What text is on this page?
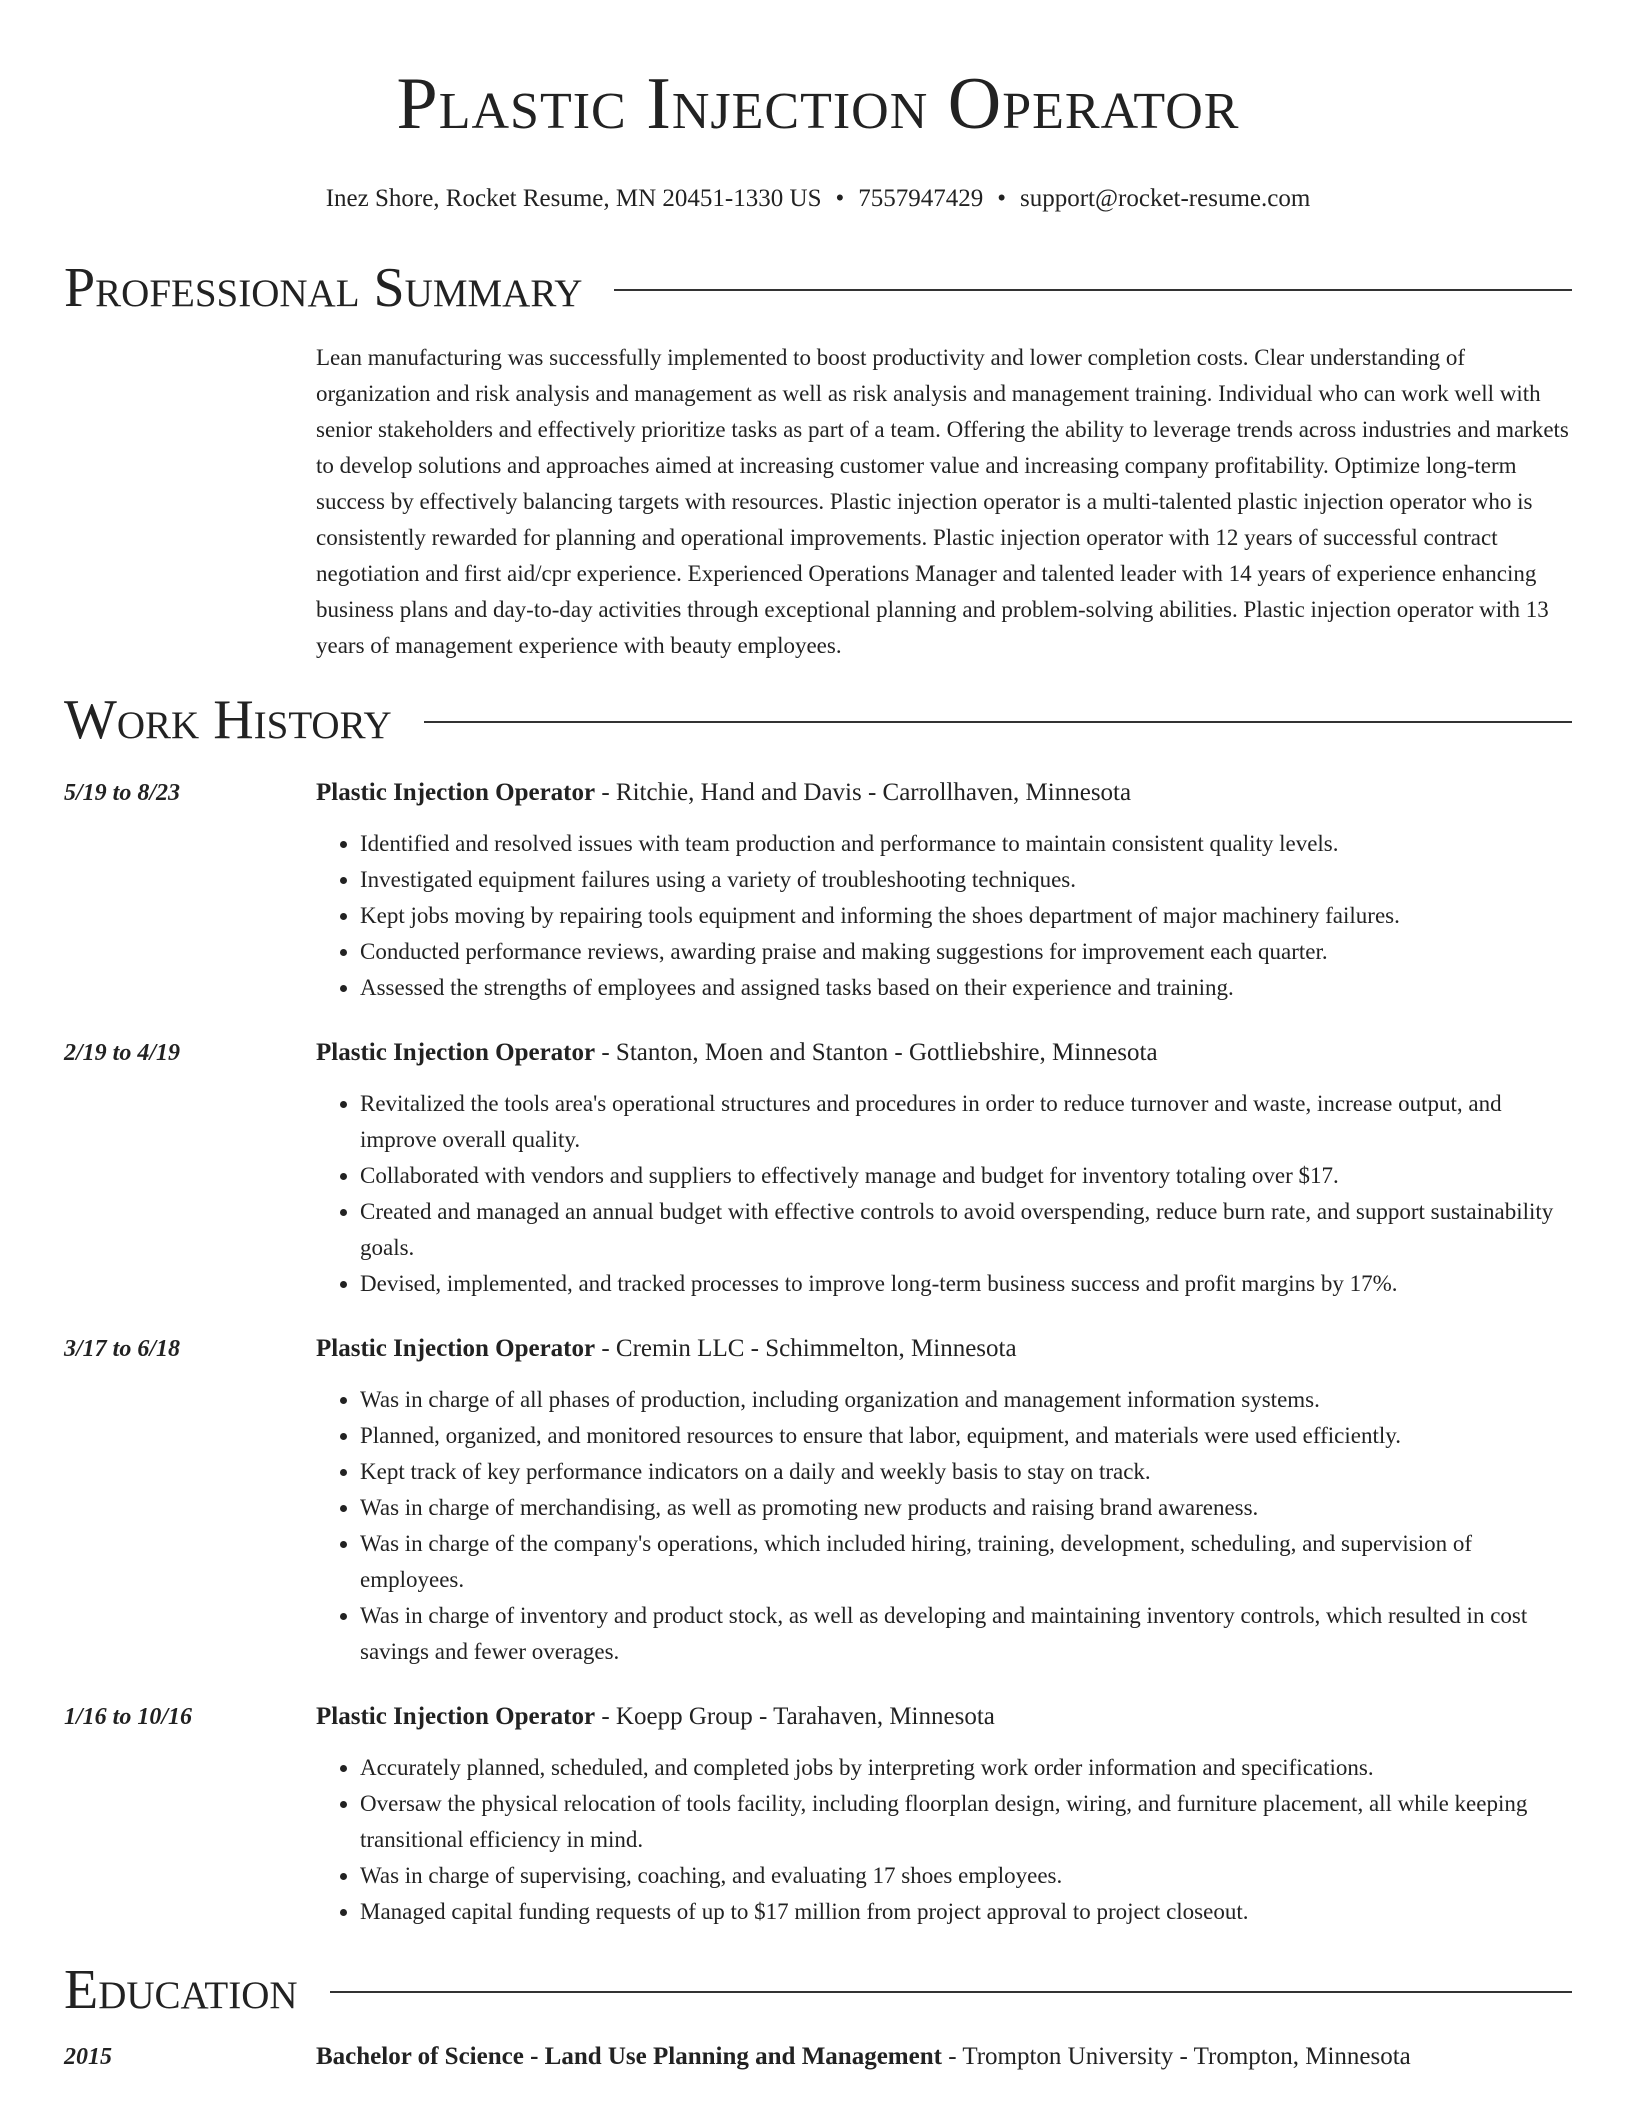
Plastic Injection Operator
Inez Shore, Rocket Resume, MN 20451-1330 US • 7557947429 • support@rocket-resume.com
Professional Summary
Lean manufacturing was successfully implemented to boost productivity and lower completion costs. Clear understanding of organization and risk analysis and management as well as risk analysis and management training. Individual who can work well with senior stakeholders and effectively prioritize tasks as part of a team. Offering the ability to leverage trends across industries and markets to develop solutions and approaches aimed at increasing customer value and increasing company profitability. Optimize long-term success by effectively balancing targets with resources. Plastic injection operator is a multi-talented plastic injection operator who is consistently rewarded for planning and operational improvements. Plastic injection operator with 12 years of successful contract negotiation and first aid/cpr experience. Experienced Operations Manager and talented leader with 14 years of experience enhancing business plans and day-to-day activities through exceptional planning and problem-solving abilities. Plastic injection operator with 13 years of management experience with beauty employees.
Work History
5/19 to 8/23	Plastic Injection Operator - Ritchie, Hand and Davis - Carrollhaven, Minnesota
• Identified and resolved issues with team production and performance to maintain consistent quality levels.
• Investigated equipment failures using a variety of troubleshooting techniques.
• Kept jobs moving by repairing tools equipment and informing the shoes department of major machinery failures.
• Conducted performance reviews, awarding praise and making suggestions for improvement each quarter.
• Assessed the strengths of employees and assigned tasks based on their experience and training.
2/19 to 4/19	Plastic Injection Operator - Stanton, Moen and Stanton - Gottliebshire, Minnesota
• Revitalized the tools area's operational structures and procedures in order to reduce turnover and waste, increase output, and improve overall quality.
• Collaborated with vendors and suppliers to effectively manage and budget for inventory totaling over $17.
• Created and managed an annual budget with effective controls to avoid overspending, reduce burn rate, and support sustainability goals.
• Devised, implemented, and tracked processes to improve long-term business success and profit margins by 17%.
3/17 to 6/18	Plastic Injection Operator - Cremin LLC - Schimmelton, Minnesota
• Was in charge of all phases of production, including organization and management information systems.
• Planned, organized, and monitored resources to ensure that labor, equipment, and materials were used efficiently.
• Kept track of key performance indicators on a daily and weekly basis to stay on track.
• Was in charge of merchandising, as well as promoting new products and raising brand awareness.
• Was in charge of the company's operations, which included hiring, training, development, scheduling, and supervision of employees.
• Was in charge of inventory and product stock, as well as developing and maintaining inventory controls, which resulted in cost savings and fewer overages.
1/16 to 10/16	Plastic Injection Operator - Koepp Group - Tarahaven, Minnesota
• Accurately planned, scheduled, and completed jobs by interpreting work order information and specifications.
• Oversaw the physical relocation of tools facility, including floorplan design, wiring, and furniture placement, all while keeping transitional efficiency in mind.
• Was in charge of supervising, coaching, and evaluating 17 shoes employees.
• Managed capital funding requests of up to $17 million from project approval to project closeout.
Education
2015	Bachelor of Science - Land Use Planning and Management - Trompton University - Trompton, Minnesota
